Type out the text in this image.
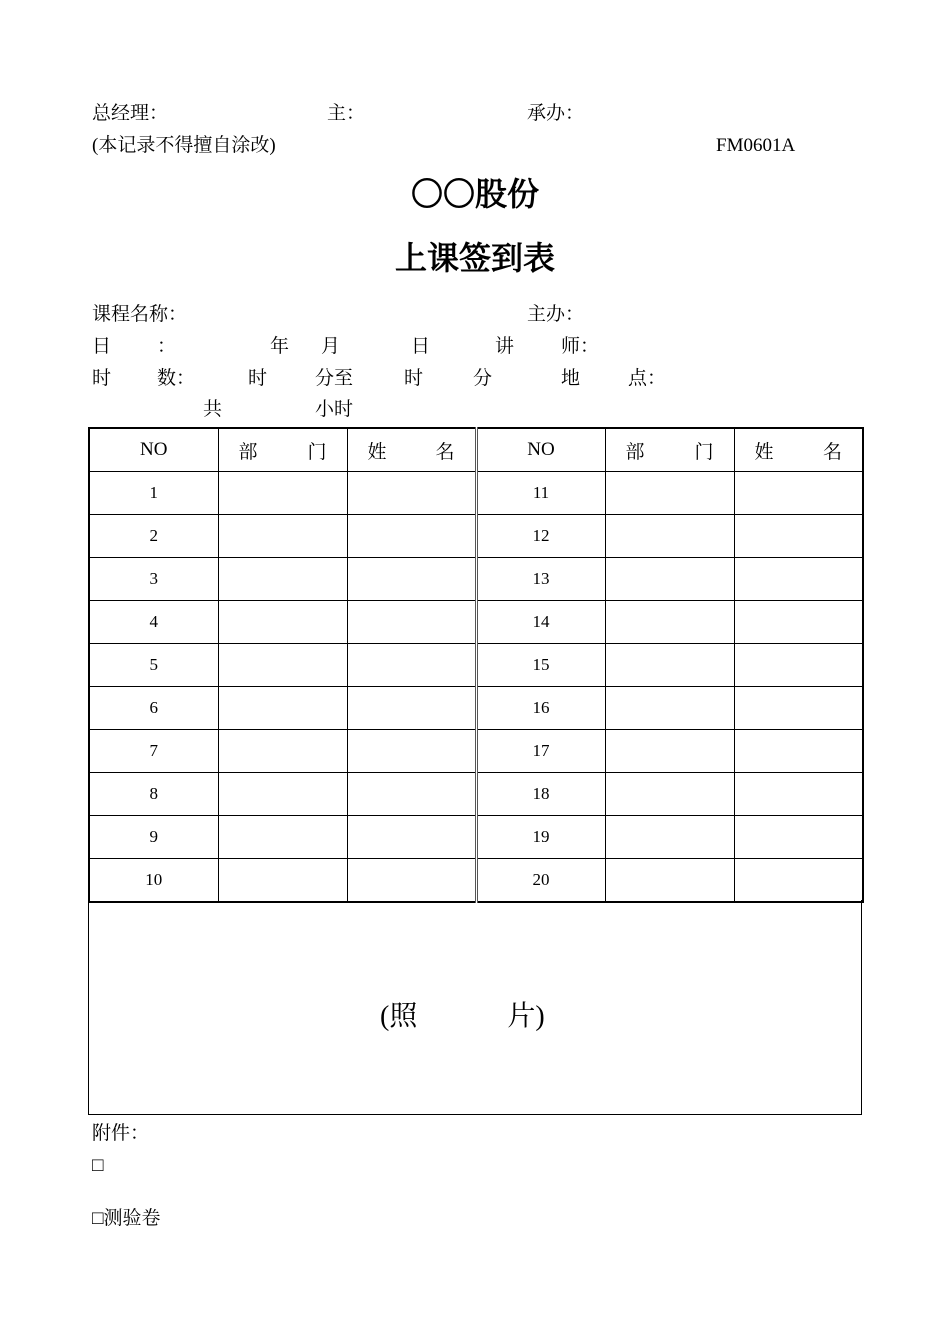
总经理：	主：	承办：
(本记录不得擅自涂改)	FM0601A
〇〇股份
上课签到表
课程名称：	主办：
日 ：	年 月	日	讲 师：
时 数：	时	分至	时	分	地	点：
共	小时
NO	部 门	姓 名	NO	部 门	姓 名

1			11		
2			12		
3			13		
4			14		
5			15		
6			16		
7			17		
8			18		
9			19		
10			20		
(照	片)
附件：
□
□测验卷
